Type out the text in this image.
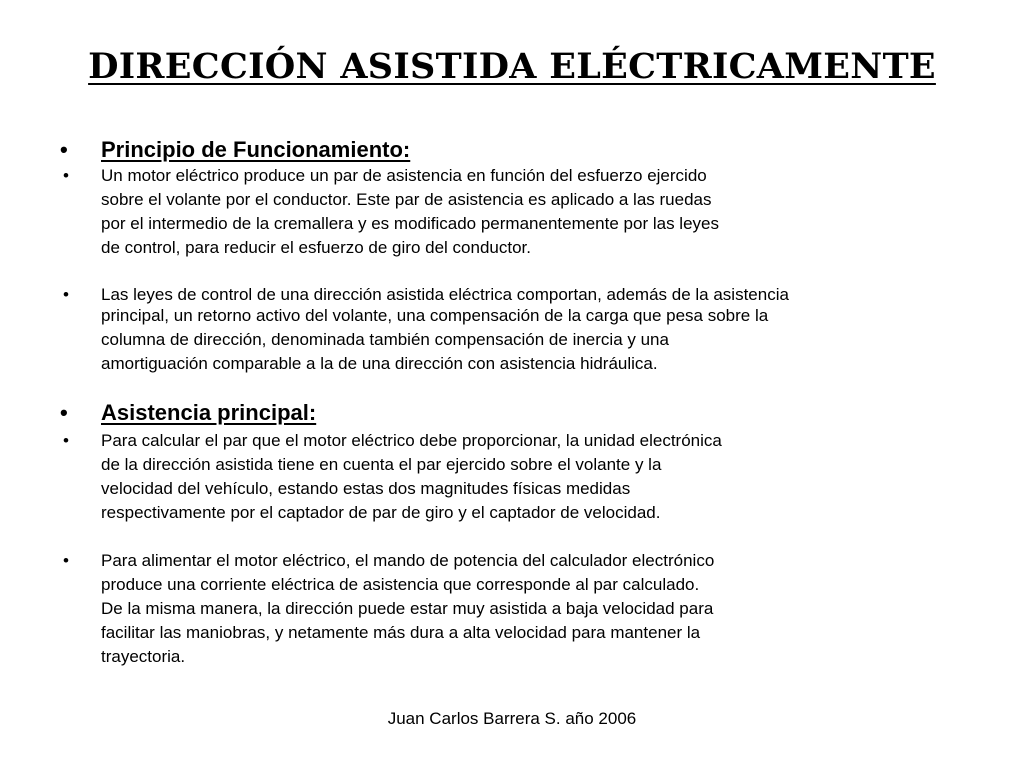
DIRECCIÓN ASISTIDA ELÉCTRICAMENTE
• Principio de Funcionamiento:
• Un motor eléctrico produce un par de asistencia en función del esfuerzo ejercido
sobre el volante por el conductor. Este par de asistencia es aplicado a las ruedas
por el intermedio de la cremallera y es modificado permanentemente por las leyes
de control, para reducir el esfuerzo de giro del conductor.
• Las leyes de control de una dirección asistida eléctrica comportan, además de la asistencia
principal, un retorno activo del volante, una compensación de la carga que pesa sobre la
columna de dirección, denominada también compensación de inercia y una
amortiguación comparable a la de una dirección con asistencia hidráulica.
• Asistencia principal:
• Para calcular el par que el motor eléctrico debe proporcionar, la unidad electrónica
de la dirección asistida tiene en cuenta el par ejercido sobre el volante y la
velocidad del vehículo, estando estas dos magnitudes físicas medidas
respectivamente por el captador de par de giro y el captador de velocidad.
• Para alimentar el motor eléctrico, el mando de potencia del calculador electrónico
produce una corriente eléctrica de asistencia que corresponde al par calculado.
De la misma manera, la dirección puede estar muy asistida a baja velocidad para
facilitar las maniobras, y netamente más dura a alta velocidad para mantener la
trayectoria.
Juan Carlos Barrera S. año 2006
